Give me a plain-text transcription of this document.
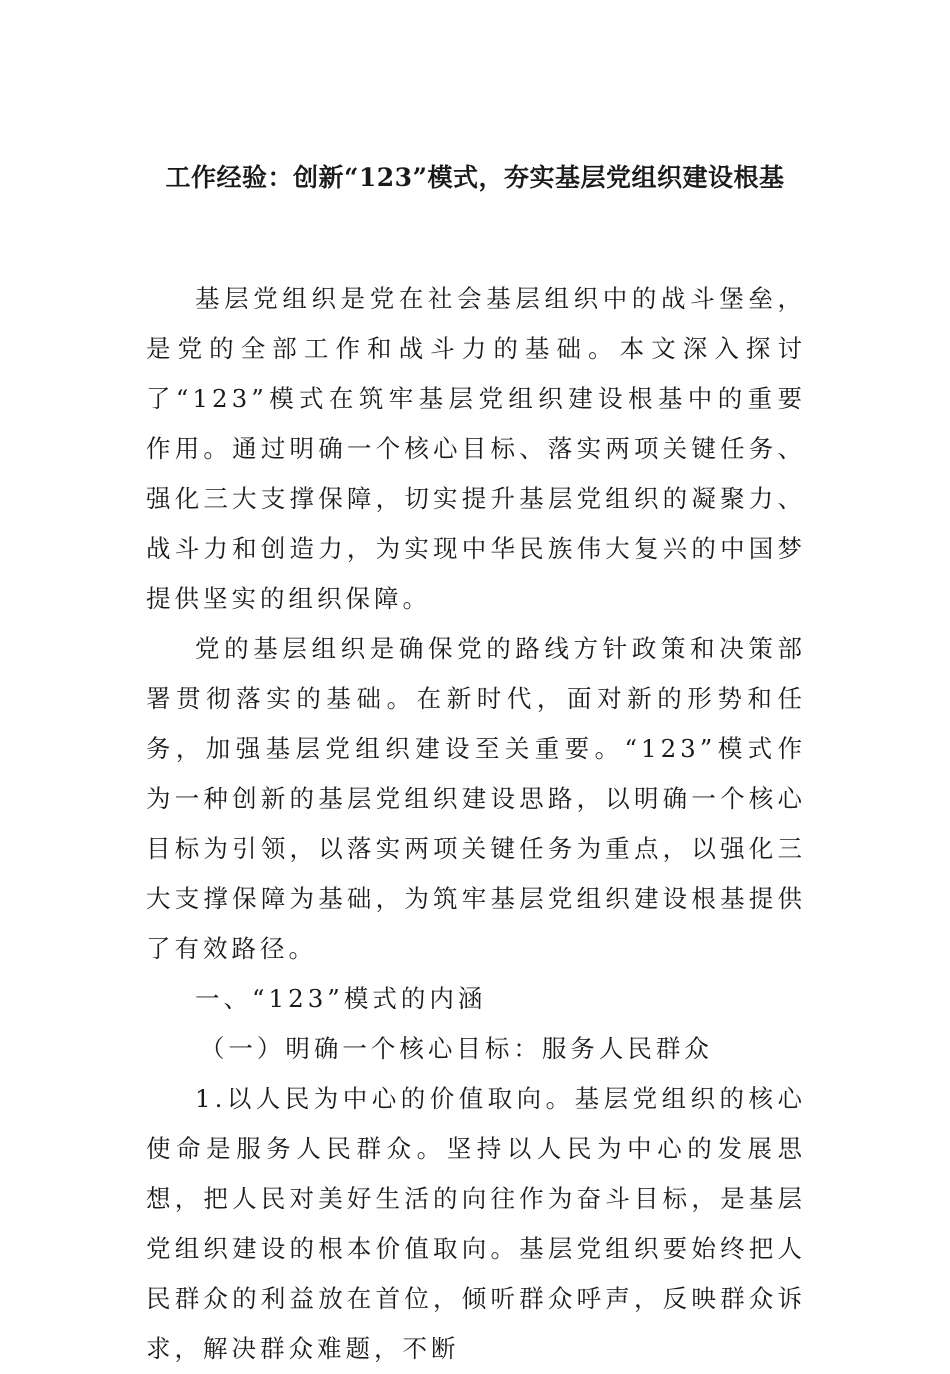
工作经验：创新“123”模式，夯实基层党组织建设根基

基层党组织是党在社会基层组织中的战斗堡垒，是党的全部工作和战斗力的基础。本文深入探讨了“123”模式在筑牢基层党组织建设根基中的重要作用。通过明确一个核心目标、落实两项关键任务、强化三大支撑保障，切实提升基层党组织的凝聚力、战斗力和创造力，为实现中华民族伟大复兴的中国梦提供坚实的组织保障。

党的基层组织是确保党的路线方针政策和决策部署贯彻落实的基础。在新时代，面对新的形势和任务，加强基层党组织建设至关重要。“123”模式作为一种创新的基层党组织建设思路，以明确一个核心目标为引领，以落实两项关键任务为重点，以强化三大支撑保障为基础，为筑牢基层党组织建设根基提供了有效路径。

一、“123”模式的内涵

（一）明确一个核心目标：服务人民群众

1.以人民为中心的价值取向。基层党组织的核心使命是服务人民群众。坚持以人民为中心的发展思想，把人民对美好生活的向往作为奋斗目标，是基层党组织建设的根本价值取向。基层党组织要始终把人民群众的利益放在首位，倾听群众呼声，反映群众诉求，解决群众难题，不断
